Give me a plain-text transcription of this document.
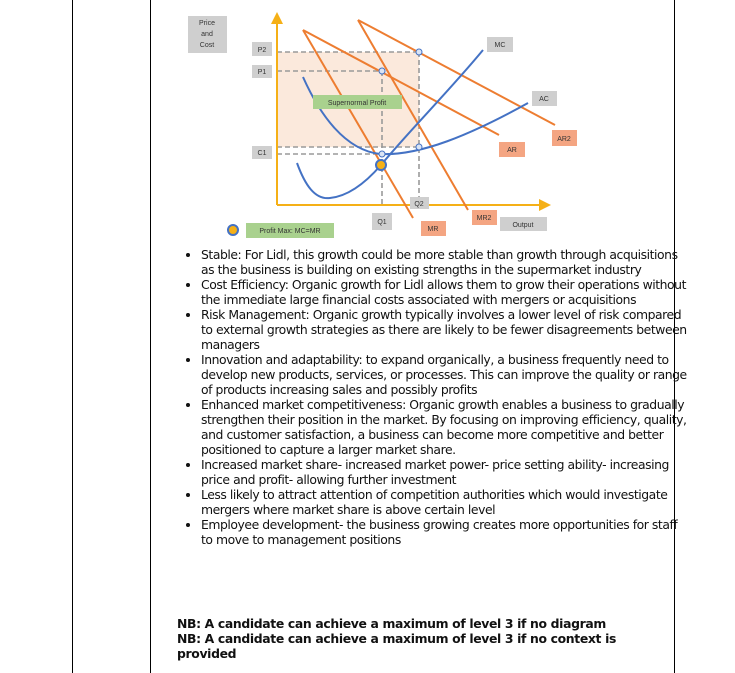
Price
and
Cost
P2
P1
C1
Q1
Q2
Output
MC
AC
AR2
AR
MR2
MR
Supernormal Profit
Profit Max: MC=MR
• Stable: For Lidl, this growth could be more stable than growth through acquisitions as the business is building on existing strengths in the supermarket industry
• Cost Efficiency: Organic growth for Lidl allows them to grow their operations without the immediate large financial costs associated with mergers or acquisitions
• Risk Management: Organic growth typically involves a lower level of risk compared to external growth strategies as there are likely to be fewer disagreements between managers
• Innovation and adaptability: to expand organically, a business frequently need to develop new products, services, or processes. This can improve the quality or range of products increasing sales and possibly profits
• Enhanced market competitiveness: Organic growth enables a business to gradually strengthen their position in the market. By focusing on improving efficiency, quality, and customer satisfaction, a business can become more competitive and better positioned to capture a larger market share.
• Increased market share- increased market power- price setting ability- increasing price and profit- allowing further investment
• Less likely to attract attention of competition authorities which would investigate mergers where market share is above certain level
• Employee development- the business growing creates more opportunities for staff to move to management positions
NB: A candidate can achieve a maximum of level 3 if no diagram
NB: A candidate can achieve a maximum of level 3 if no context is provided
